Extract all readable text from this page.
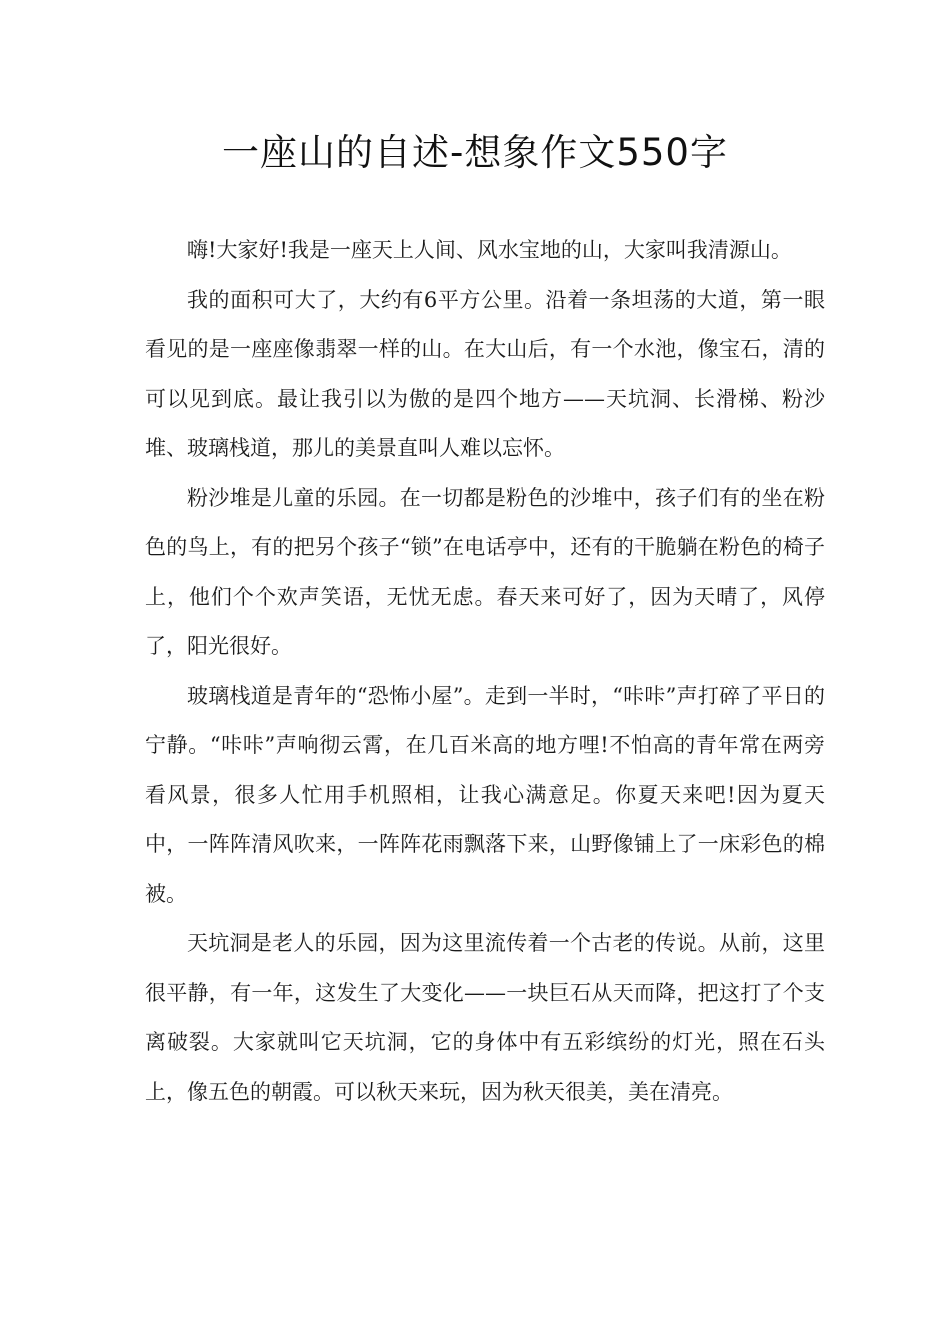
一座山的自述-想象作文550字

嗨!大家好!我是一座天上人间、风水宝地的山，大家叫我清源山。

我的面积可大了，大约有6平方公里。沿着一条坦荡的大道，第一眼看见的是一座座像翡翠一样的山。在大山后，有一个水池，像宝石，清的可以见到底。最让我引以为傲的是四个地方——天坑洞、长滑梯、粉沙堆、玻璃栈道，那儿的美景直叫人难以忘怀。

粉沙堆是儿童的乐园。在一切都是粉色的沙堆中，孩子们有的坐在粉色的鸟上，有的把另个孩子“锁”在电话亭中，还有的干脆躺在粉色的椅子上，他们个个欢声笑语，无忧无虑。春天来可好了，因为天晴了，风停了，阳光很好。

玻璃栈道是青年的“恐怖小屋”。走到一半时，“咔咔”声打碎了平日的宁静。“咔咔”声响彻云霄，在几百米高的地方哩!不怕高的青年常在两旁看风景，很多人忙用手机照相，让我心满意足。你夏天来吧!因为夏天中，一阵阵清风吹来，一阵阵花雨飘落下来，山野像铺上了一床彩色的棉被。

天坑洞是老人的乐园，因为这里流传着一个古老的传说。从前，这里很平静，有一年，这发生了大变化——一块巨石从天而降，把这打了个支离破裂。大家就叫它天坑洞，它的身体中有五彩缤纷的灯光，照在石头上，像五色的朝霞。可以秋天来玩，因为秋天很美，美在清亮。
